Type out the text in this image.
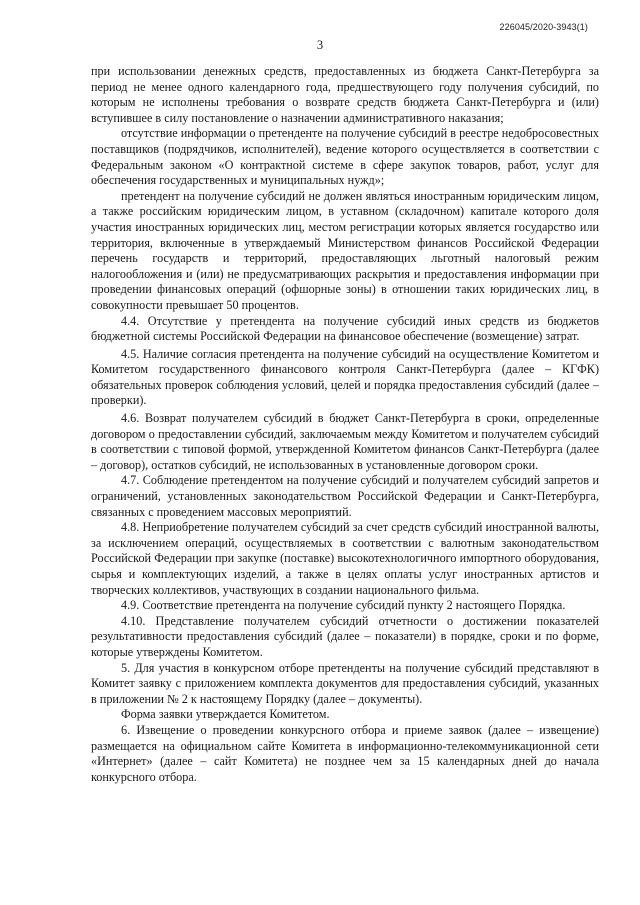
226045/2020-3943(1)
3

при использовании денежных средств, предоставленных из бюджета Санкт-Петербурга за период не менее одного календарного года, предшествующего году получения субсидий, по которым не исполнены требования о возврате средств бюджета Санкт-Петербурга и (или) вступившее в силу постановление о назначении административного наказания;

отсутствие информации о претенденте на получение субсидий в реестре недобросовестных поставщиков (подрядчиков, исполнителей), ведение которого осуществляется в соответствии с Федеральным законом «О контрактной системе в сфере закупок товаров, работ, услуг для обеспечения государственных и муниципальных нужд»;

претендент на получение субсидий не должен являться иностранным юридическим лицом, а также российским юридическим лицом, в уставном (складочном) капитале которого доля участия иностранных юридических лиц, местом регистрации которых является государство или территория, включенные в утверждаемый Министерством финансов Российской Федерации перечень государств и территорий, предоставляющих льготный налоговый режим налогообложения и (или) не предусматривающих раскрытия и предоставления информации при проведении финансовых операций (офшорные зоны) в отношении таких юридических лиц, в совокупности превышает 50 процентов.

4.4. Отсутствие у претендента на получение субсидий иных средств из бюджетов бюджетной системы Российской Федерации на финансовое обеспечение (возмещение) затрат.

4.5. Наличие согласия претендента на получение субсидий на осуществление Комитетом и Комитетом государственного финансового контроля Санкт-Петербурга (далее – КГФК) обязательных проверок соблюдения условий, целей и порядка предоставления субсидий (далее – проверки).

4.6. Возврат получателем субсидий в бюджет Санкт-Петербурга в сроки, определенные договором о предоставлении субсидий, заключаемым между Комитетом и получателем субсидий в соответствии с типовой формой, утвержденной Комитетом финансов Санкт-Петербурга (далее – договор), остатков субсидий, не использованных в установленные договором сроки.

4.7. Соблюдение претендентом на получение субсидий и получателем субсидий запретов и ограничений, установленных законодательством Российской Федерации и Санкт-Петербурга, связанных с проведением массовых мероприятий.

4.8. Неприобретение получателем субсидий за счет средств субсидий иностранной валюты, за исключением операций, осуществляемых в соответствии с валютным законодательством Российской Федерации при закупке (поставке) высокотехнологичного импортного оборудования, сырья и комплектующих изделий, а также в целях оплаты услуг иностранных артистов и творческих коллективов, участвующих в создании национального фильма.

4.9. Соответствие претендента на получение субсидий пункту 2 настоящего Порядка.

4.10. Представление получателем субсидий отчетности о достижении показателей результативности предоставления субсидий (далее – показатели) в порядке, сроки и по форме, которые утверждены Комитетом.

5. Для участия в конкурсном отборе претенденты на получение субсидий представляют в Комитет заявку с приложением комплекта документов для предоставления субсидий, указанных в приложении № 2 к настоящему Порядку (далее – документы).

Форма заявки утверждается Комитетом.

6. Извещение о проведении конкурсного отбора и приеме заявок (далее – извещение) размещается на официальном сайте Комитета в информационно-телекоммуникационной сети «Интернет» (далее – сайт Комитета) не позднее чем за 15 календарных дней до начала конкурсного отбора.
